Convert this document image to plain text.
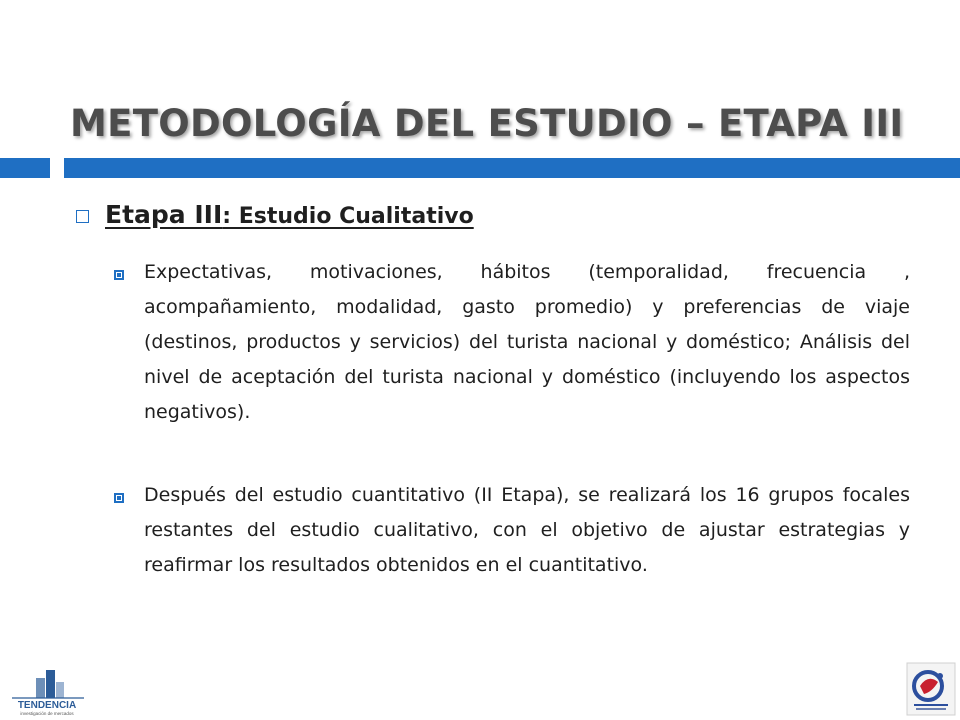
METODOLOGÍA DEL ESTUDIO – ETAPA III
Etapa III: Estudio Cualitativo
Expectativas, motivaciones, hábitos (temporalidad, frecuencia , acompañamiento, modalidad, gasto promedio) y preferencias de viaje (destinos, productos y servicios) del turista nacional y doméstico; Análisis del nivel de aceptación del turista nacional y doméstico (incluyendo los aspectos negativos).
Después del estudio cuantitativo (II Etapa), se realizará los 16 grupos focales restantes del estudio cualitativo, con el objetivo de ajustar estrategias y reafirmar los resultados obtenidos en el cuantitativo.
TENDENCIA
investigación de mercados
